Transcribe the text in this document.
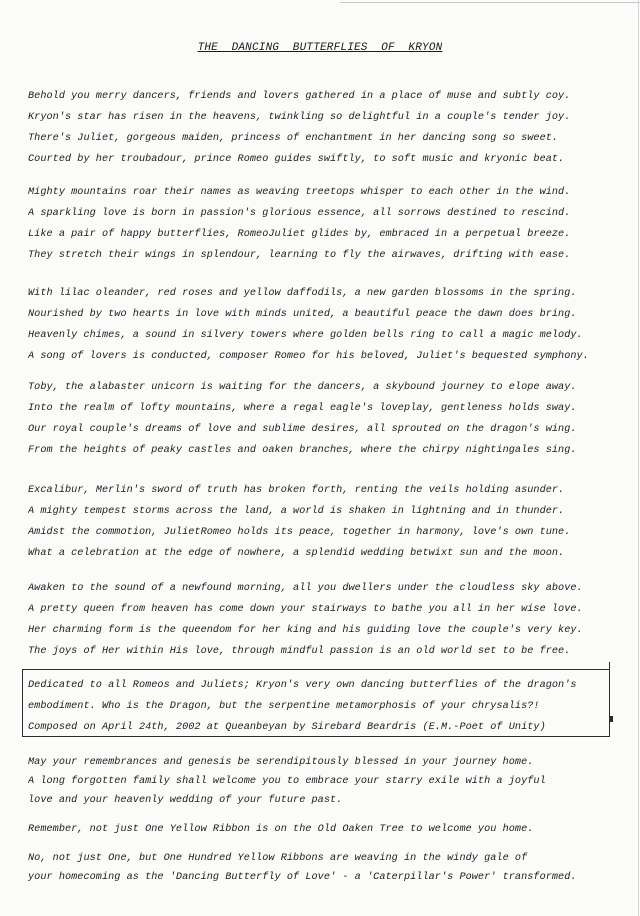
THE  DANCING  BUTTERFLIES  OF  KRYON
Behold you merry dancers, friends and lovers gathered in a place of muse and subtly coy.
Kryon's star has risen in the heavens, twinkling so delightful in a couple's tender joy.
There's Juliet, gorgeous maiden, princess of enchantment in her dancing song so sweet.
Courted by her troubadour, prince Romeo guides swiftly, to soft music and kryonic beat.
Mighty mountains roar their names as weaving treetops whisper to each other in the wind.
A sparkling love is born in passion's glorious essence, all sorrows destined to rescind.
Like a pair of happy butterflies, RomeoJuliet glides by, embraced in a perpetual breeze.
They stretch their wings in splendour, learning to fly the airwaves, drifting with ease.
With lilac oleander, red roses and yellow daffodils, a new garden blossoms in the spring.
Nourished by two hearts in love with minds united, a beautiful peace the dawn does bring.
Heavenly chimes, a sound in silvery towers where golden bells ring to call a magic melody.
A song of lovers is conducted, composer Romeo for his beloved, Juliet's bequested symphony.
Toby, the alabaster unicorn is waiting for the dancers, a skybound journey to elope away.
Into the realm of lofty mountains, where a regal eagle's loveplay, gentleness holds sway.
Our royal couple's dreams of love and sublime desires, all sprouted on the dragon's wing.
From the heights of peaky castles and oaken branches, where the chirpy nightingales sing.
Excalibur, Merlin's sword of truth has broken forth, renting the veils holding asunder.
A mighty tempest storms across the land, a world is shaken in lightning and in thunder.
Amidst the commotion, JulietRomeo holds its peace, together in harmony, love's own tune.
What a celebration at the edge of nowhere, a splendid wedding betwixt sun and the moon.
Awaken to the sound of a newfound morning, all you dwellers under the cloudless sky above.
A pretty queen from heaven has come down your stairways to bathe you all in her wise love.
Her charming form is the queendom for her king and his guiding love the couple's very key.
The joys of Her within His love, through mindful passion is an old world set to be free.
Dedicated to all Romeos and Juliets; Kryon's very own dancing butterflies of the dragon's
embodiment. Who is the Dragon, but the serpentine metamorphosis of your chrysalis?!
Composed on April 24th, 2002 at Queanbeyan by Sirebard Beardris (E.M.-Poet of Unity)
May your remembrances and genesis be serendipitously blessed in your journey home.
A long forgotten family shall welcome you to embrace your starry exile with a joyful
love and your heavenly wedding of your future past.
Remember, not just One Yellow Ribbon is on the Old Oaken Tree to welcome you home.
No, not just One, but One Hundred Yellow Ribbons are weaving in the windy gale of
your homecoming as the 'Dancing Butterfly of Love' - a 'Caterpillar's Power' transformed.
